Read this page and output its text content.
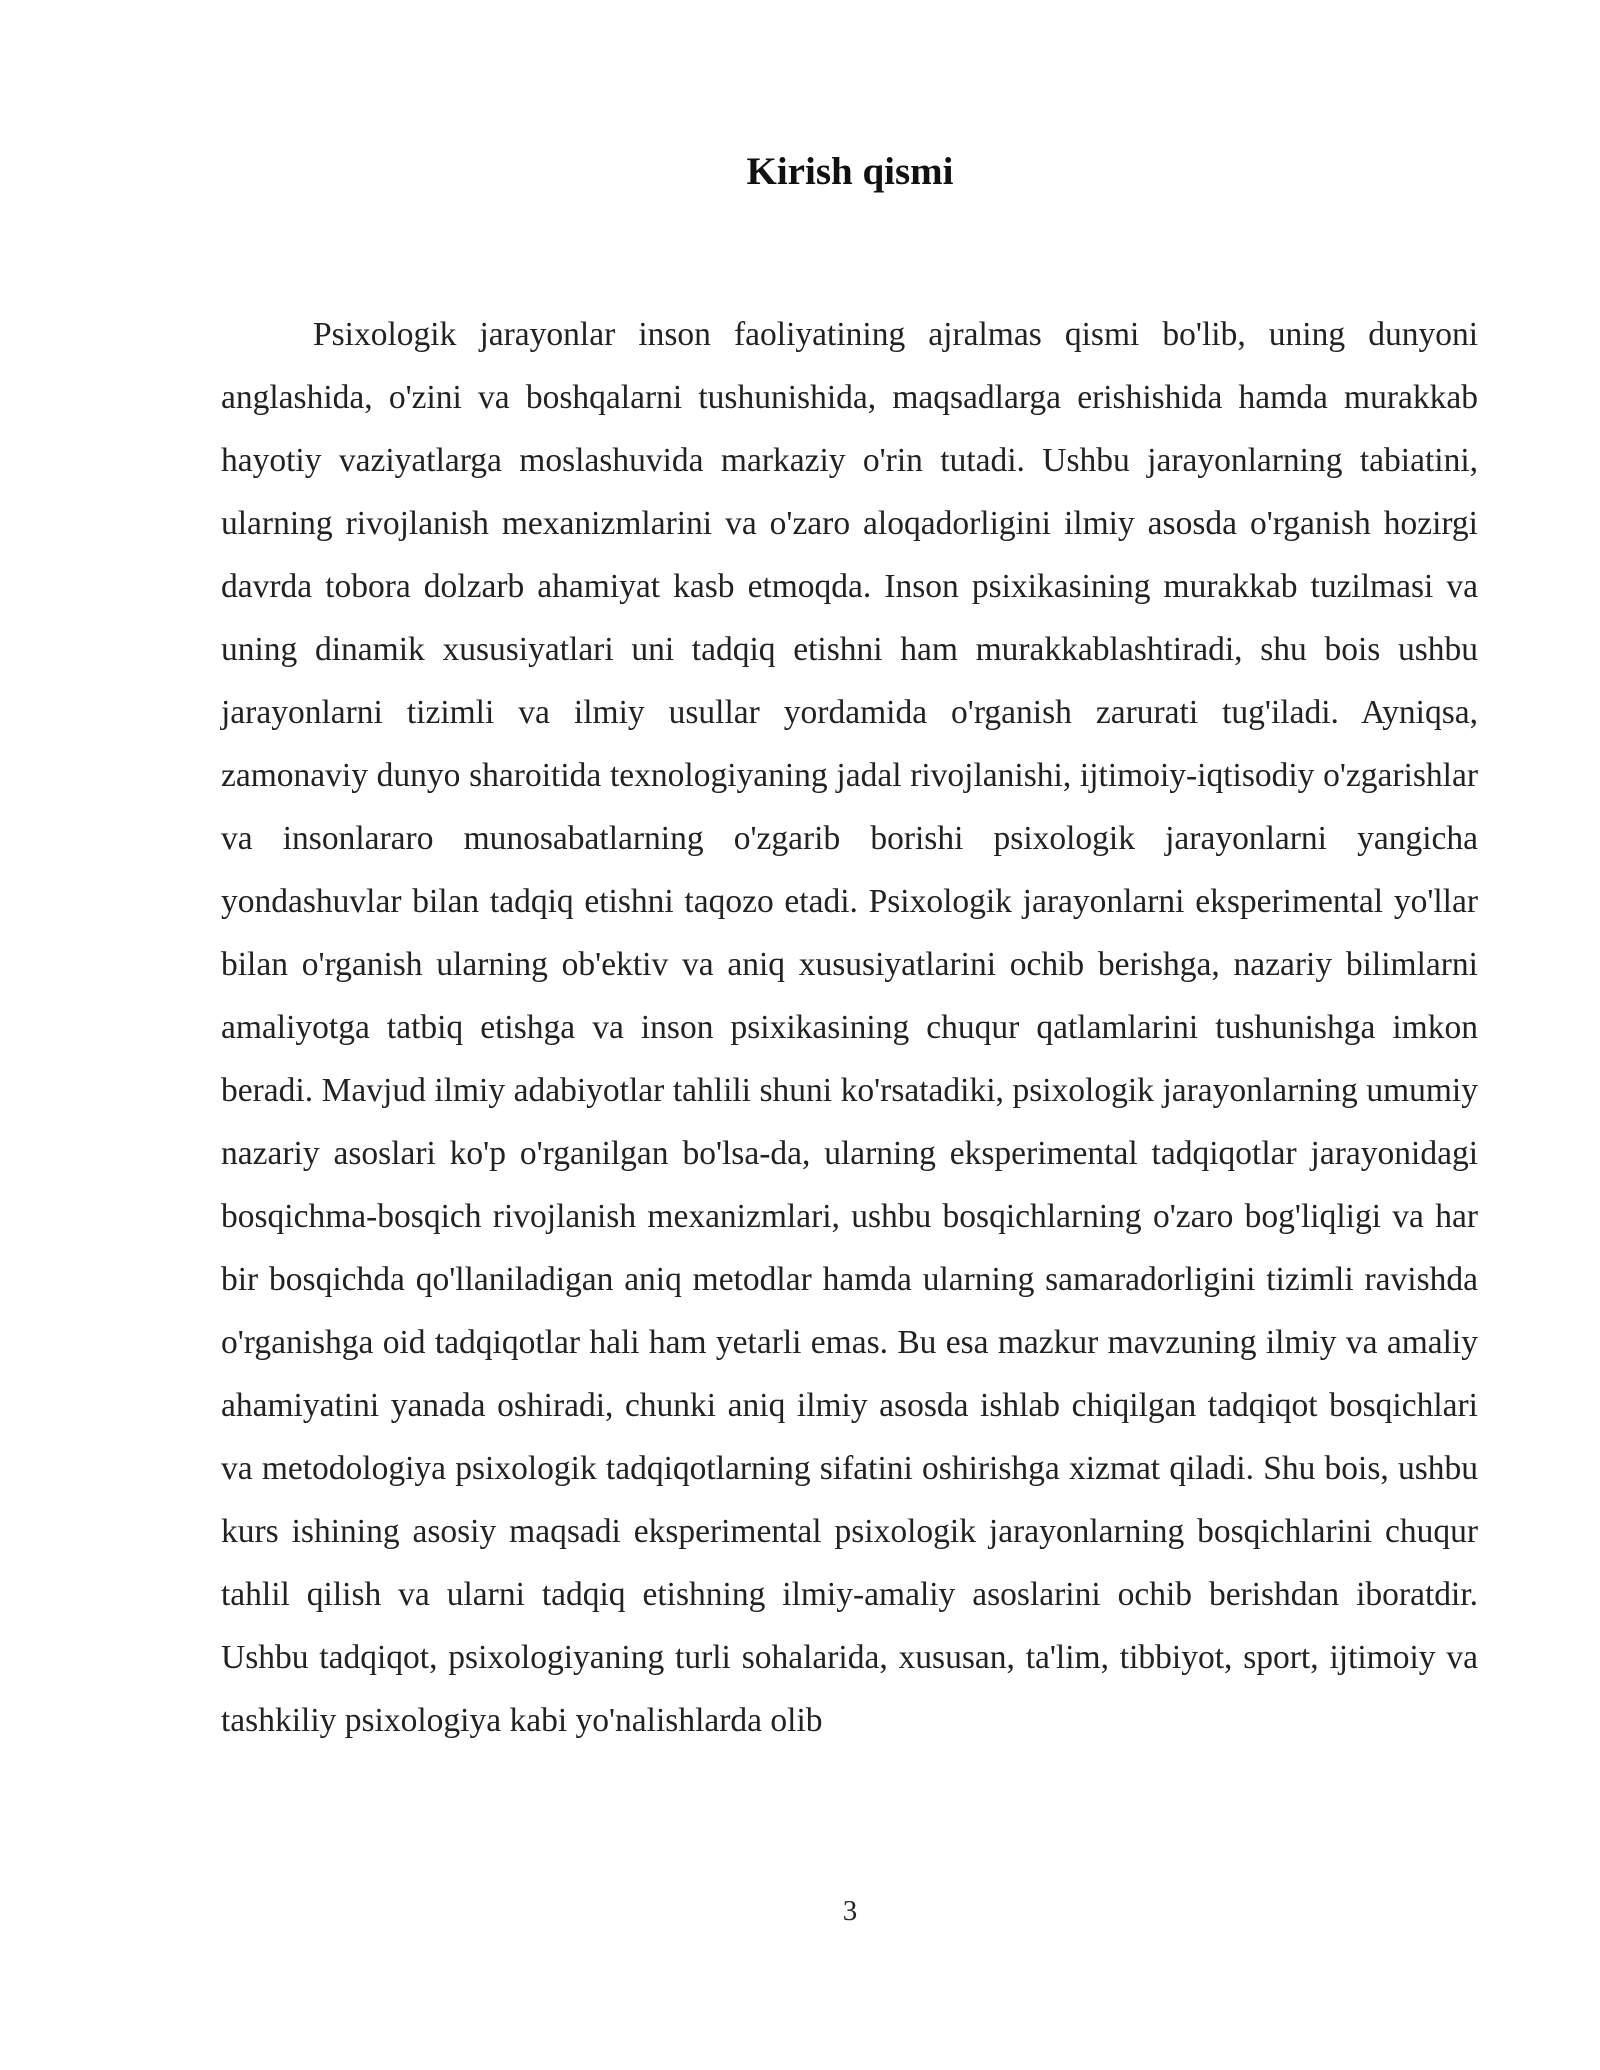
Kirish qismi

Psixologik jarayonlar inson faoliyatining ajralmas qismi bo'lib, uning dunyoni anglashida, o'zini va boshqalarni tushunishida, maqsadlarga erishishida hamda murakkab hayotiy vaziyatlarga moslashuvida markaziy o'rin tutadi. Ushbu jarayonlarning tabiatini, ularning rivojlanish mexanizmlarini va o'zaro aloqadorligini ilmiy asosda o'rganish hozirgi davrda tobora dolzarb ahamiyat kasb etmoqda. Inson psixikasining murakkab tuzilmasi va uning dinamik xususiyatlari uni tadqiq etishni ham murakkablashtiradi, shu bois ushbu jarayonlarni tizimli va ilmiy usullar yordamida o'rganish zarurati tug'iladi. Ayniqsa, zamonaviy dunyo sharoitida texnologiyaning jadal rivojlanishi, ijtimoiy-iqtisodiy o'zgarishlar va insonlararo munosabatlarning o'zgarib borishi psixologik jarayonlarni yangicha yondashuvlar bilan tadqiq etishni taqozo etadi. Psixologik jarayonlarni eksperimental yo'llar bilan o'rganish ularning ob'ektiv va aniq xususiyatlarini ochib berishga, nazariy bilimlarni amaliyotga tatbiq etishga va inson psixikasining chuqur qatlamlarini tushunishga imkon beradi. Mavjud ilmiy adabiyotlar tahlili shuni ko'rsatadiki, psixologik jarayonlarning umumiy nazariy asoslari ko'p o'rganilgan bo'lsa-da, ularning eksperimental tadqiqotlar jarayonidagi bosqichma-bosqich rivojlanish mexanizmlari, ushbu bosqichlarning o'zaro bog'liqligi va har bir bosqichda qo'llaniladigan aniq metodlar hamda ularning samaradorligini tizimli ravishda o'rganishga oid tadqiqotlar hali ham yetarli emas. Bu esa mazkur mavzuning ilmiy va amaliy ahamiyatini yanada oshiradi, chunki aniq ilmiy asosda ishlab chiqilgan tadqiqot bosqichlari va metodologiya psixologik tadqiqotlarning sifatini oshirishga xizmat qiladi. Shu bois, ushbu kurs ishining asosiy maqsadi eksperimental psixologik jarayonlarning bosqichlarini chuqur tahlil qilish va ularni tadqiq etishning ilmiy-amaliy asoslarini ochib berishdan iboratdir. Ushbu tadqiqot, psixologiyaning turli sohalarida, xususan, ta'lim, tibbiyot, sport, ijtimoiy va tashkiliy psixologiya kabi yo'nalishlarda olib

3
